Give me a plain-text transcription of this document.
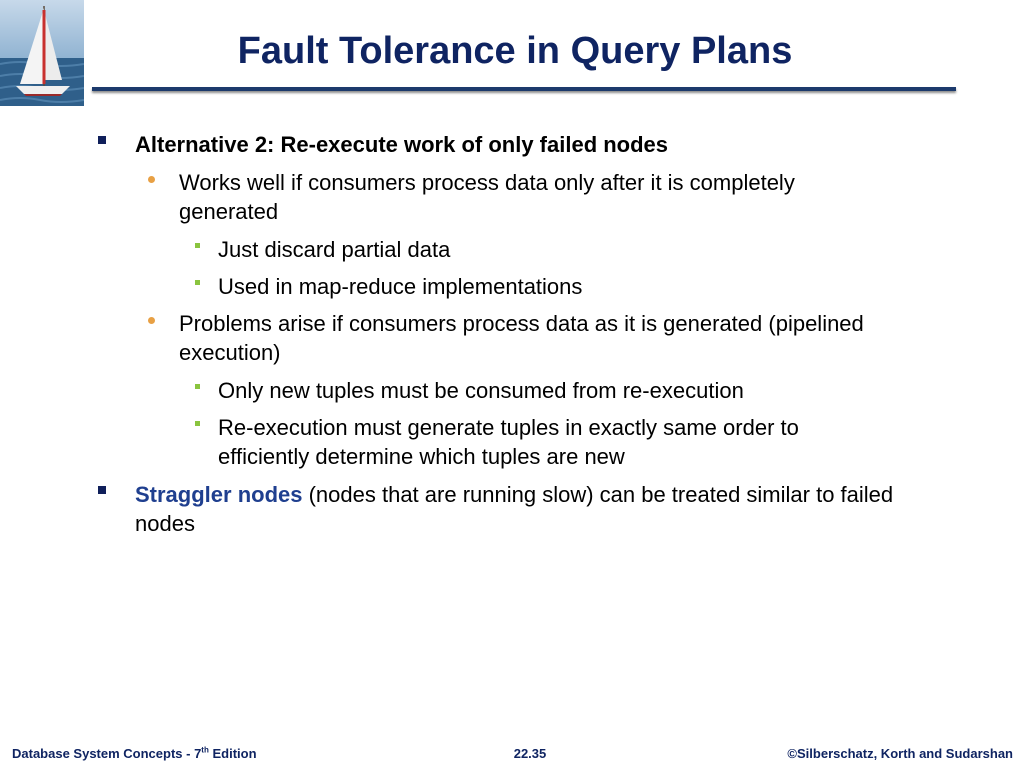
Fault Tolerance in Query Plans
Alternative 2: Re-execute work of only failed nodes
Works well if consumers process data only after it is completely generated
Just discard partial data
Used in map-reduce implementations
Problems arise if consumers process data as it is generated (pipelined execution)
Only new tuples must be consumed from re-execution
Re-execution must generate tuples in exactly same order to efficiently determine which tuples are new
Straggler nodes (nodes that are running slow) can be treated similar to failed nodes
Database System Concepts - 7th Edition	22.35	©Silberschatz, Korth and Sudarshan
